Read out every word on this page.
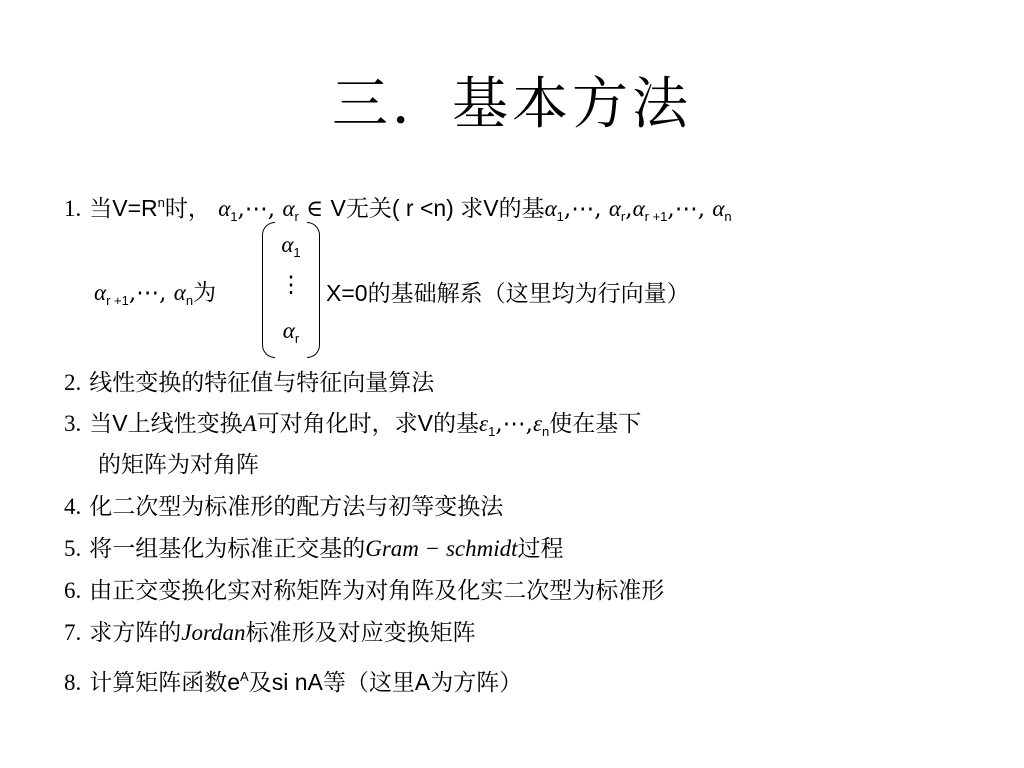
三．基本方法
1. 当$V=R^n$时， $\alpha_1,\cdots$, $\alpha_r$ ∈ V无关( r <n) 求V的基$\alpha_1,\cdots$, $\alpha_r,\alpha_{r +1},\cdots$, $\alpha_n$
$\alpha_{r +1},\cdots$, $\alpha_n$为
$\alpha_1$
⋮
$\alpha_r$
X=0的基础解系（这里均为行向量）
2. 线性变换的特征值与特征向量算法
3. 当V上线性变换A可对角化时，求V的基$\varepsilon_1,\cdots,\varepsilon_n$使在基下
的矩阵为对角阵
4. 化二次型为标准形的配方法与初等变换法
5. 将一组基化为标准正交基的Gram − schmidt过程
6. 由正交变换化实对称矩阵为对角阵及化实二次型为标准形
7. 求方阵的Jordan标准形及对应变换矩阵
8. 计算矩阵函数$e^A$及si nA等（这里A为方阵）
